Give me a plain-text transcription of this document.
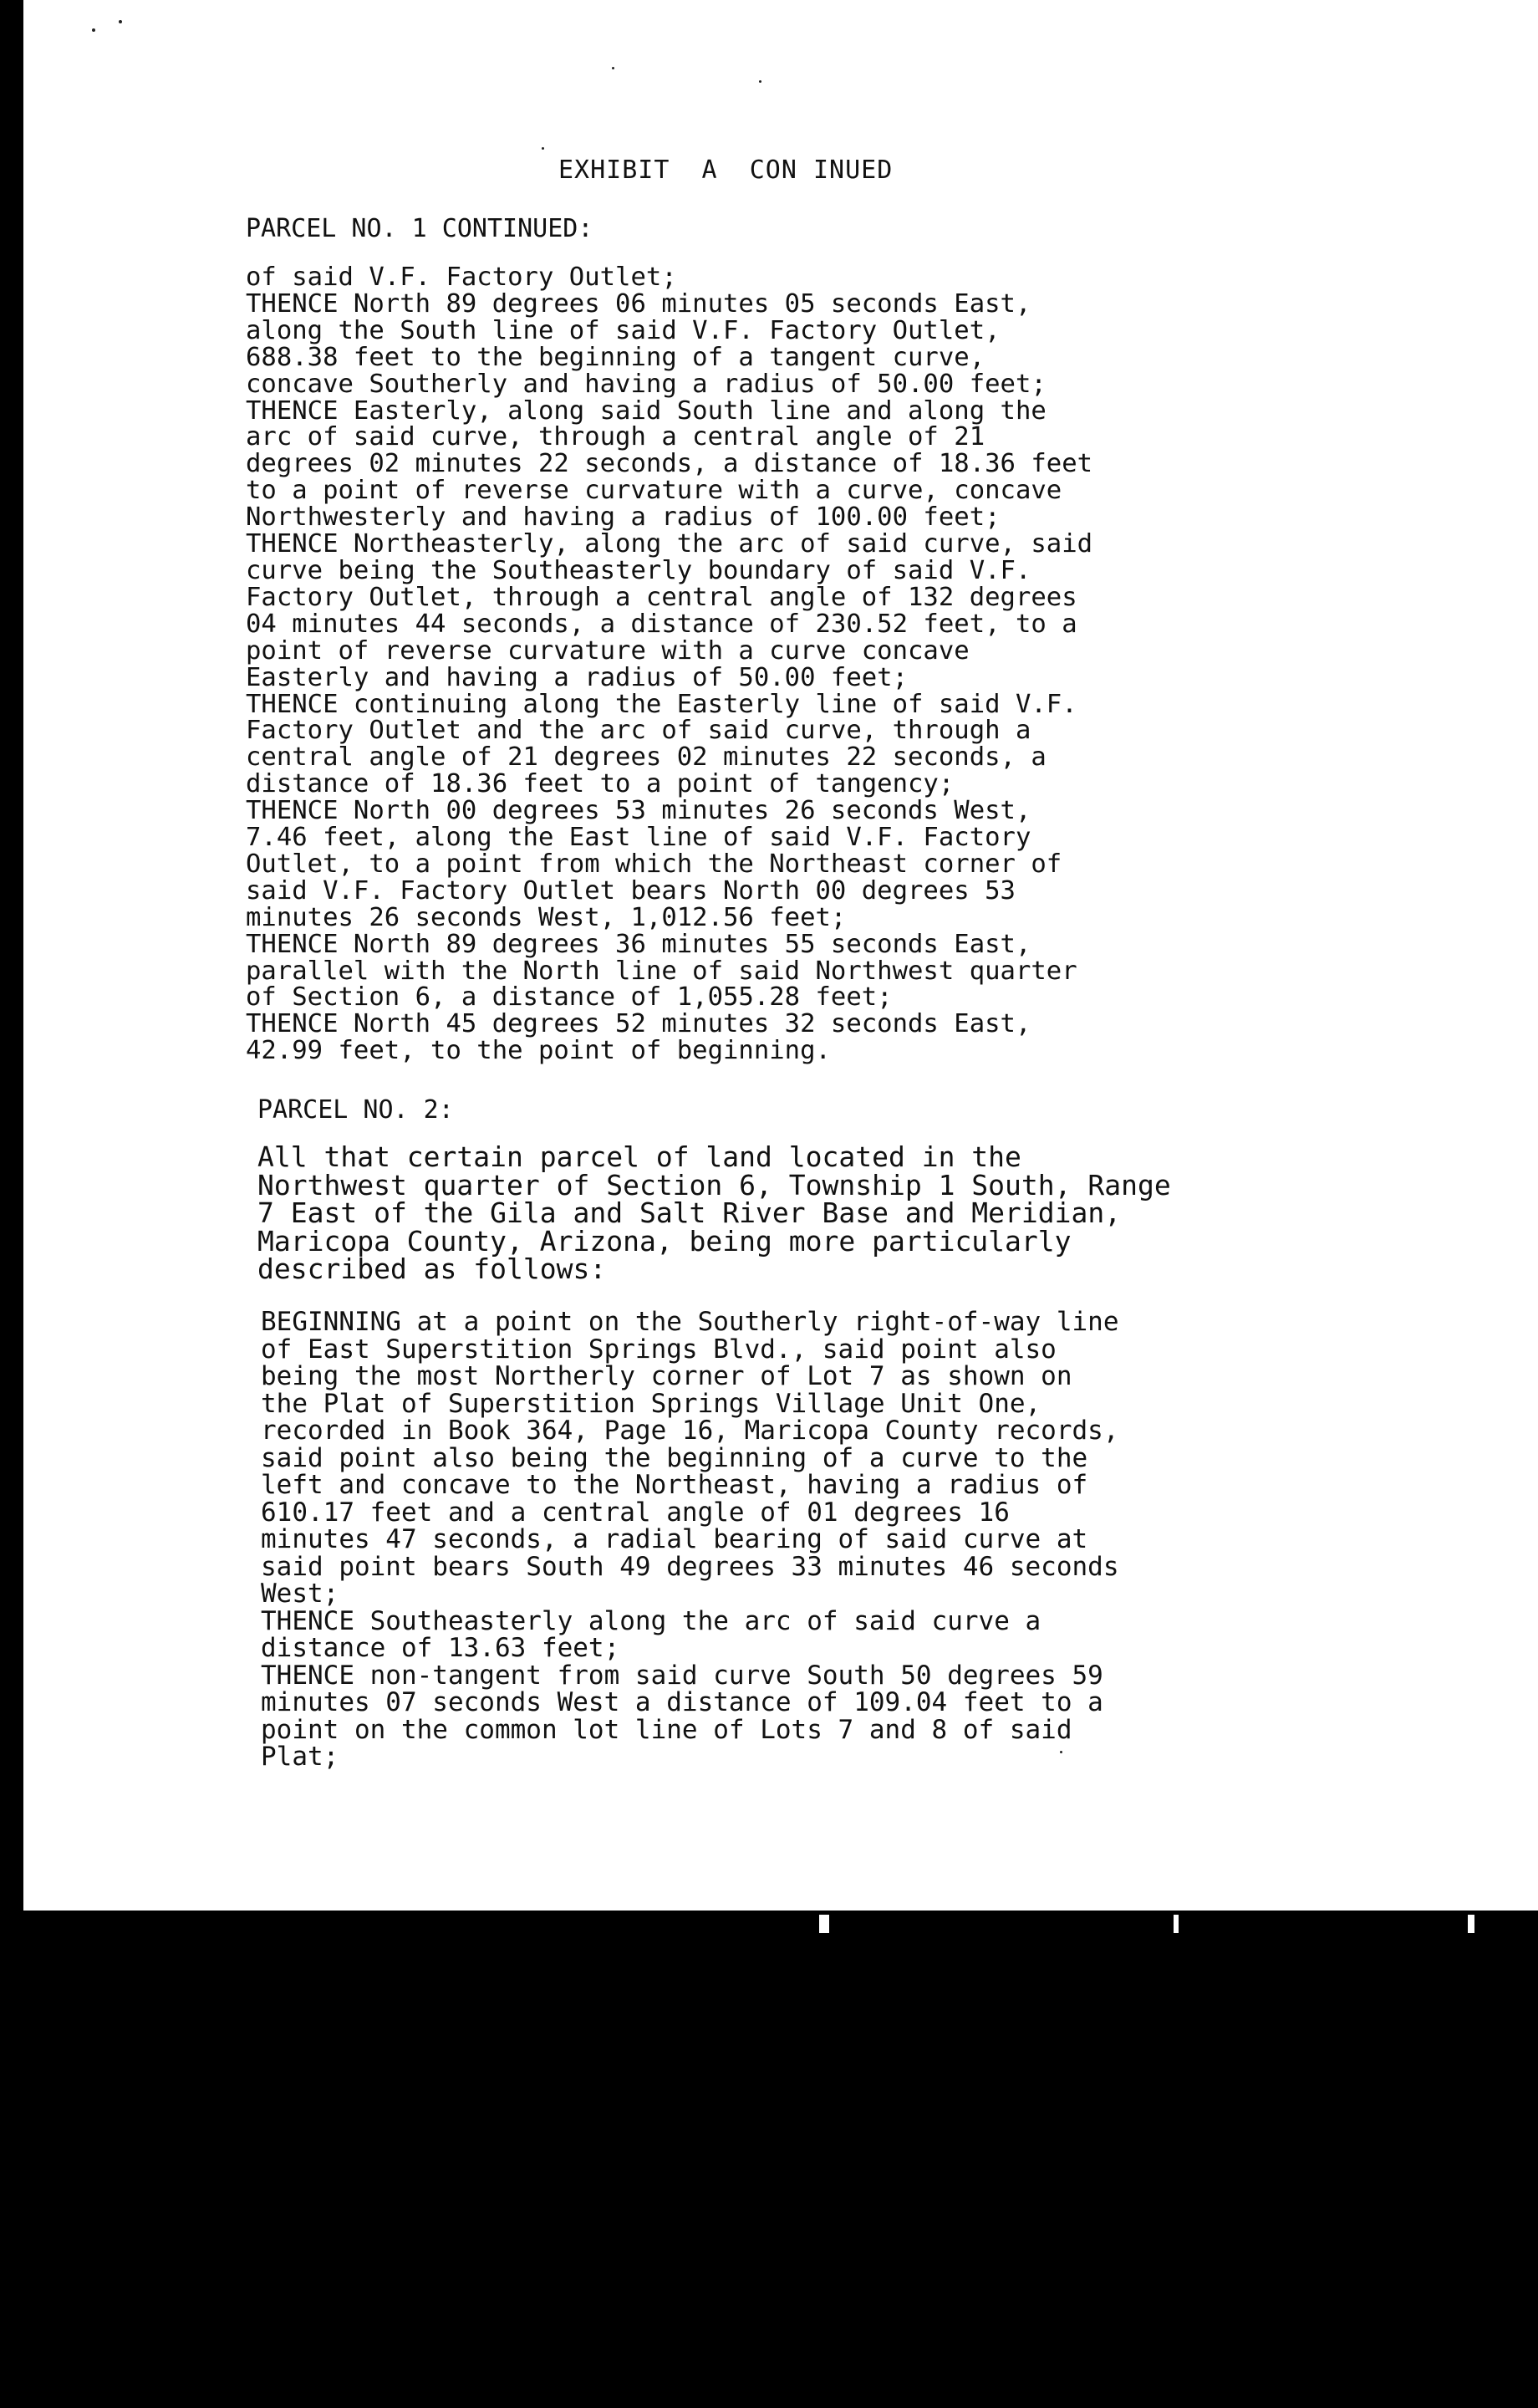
EXHIBIT  A  CON INUED
PARCEL NO. 1 CONTINUED:
of said V.F. Factory Outlet;
THENCE North 89 degrees 06 minutes 05 seconds East,
along the South line of said V.F. Factory Outlet,
688.38 feet to the beginning of a tangent curve,
concave Southerly and having a radius of 50.00 feet;
THENCE Easterly, along said South line and along the
arc of said curve, through a central angle of 21
degrees 02 minutes 22 seconds, a distance of 18.36 feet
to a point of reverse curvature with a curve, concave
Northwesterly and having a radius of 100.00 feet;
THENCE Northeasterly, along the arc of said curve, said
curve being the Southeasterly boundary of said V.F.
Factory Outlet, through a central angle of 132 degrees
04 minutes 44 seconds, a distance of 230.52 feet, to a
point of reverse curvature with a curve concave
Easterly and having a radius of 50.00 feet;
THENCE continuing along the Easterly line of said V.F.
Factory Outlet and the arc of said curve, through a
central angle of 21 degrees 02 minutes 22 seconds, a
distance of 18.36 feet to a point of tangency;
THENCE North 00 degrees 53 minutes 26 seconds West,
7.46 feet, along the East line of said V.F. Factory
Outlet, to a point from which the Northeast corner of
said V.F. Factory Outlet bears North 00 degrees 53
minutes 26 seconds West, 1,012.56 feet;
THENCE North 89 degrees 36 minutes 55 seconds East,
parallel with the North line of said Northwest quarter
of Section 6, a distance of 1,055.28 feet;
THENCE North 45 degrees 52 minutes 32 seconds East,
42.99 feet, to the point of beginning.
PARCEL NO. 2:
All that certain parcel of land located in the
Northwest quarter of Section 6, Township 1 South, Range
7 East of the Gila and Salt River Base and Meridian,
Maricopa County, Arizona, being more particularly
described as follows:
BEGINNING at a point on the Southerly right-of-way line
of East Superstition Springs Blvd., said point also
being the most Northerly corner of Lot 7 as shown on
the Plat of Superstition Springs Village Unit One,
recorded in Book 364, Page 16, Maricopa County records,
said point also being the beginning of a curve to the
left and concave to the Northeast, having a radius of
610.17 feet and a central angle of 01 degrees 16
minutes 47 seconds, a radial bearing of said curve at
said point bears South 49 degrees 33 minutes 46 seconds
West;
THENCE Southeasterly along the arc of said curve a
distance of 13.63 feet;
THENCE non-tangent from said curve South 50 degrees 59
minutes 07 seconds West a distance of 109.04 feet to a
point on the common lot line of Lots 7 and 8 of said
Plat;
